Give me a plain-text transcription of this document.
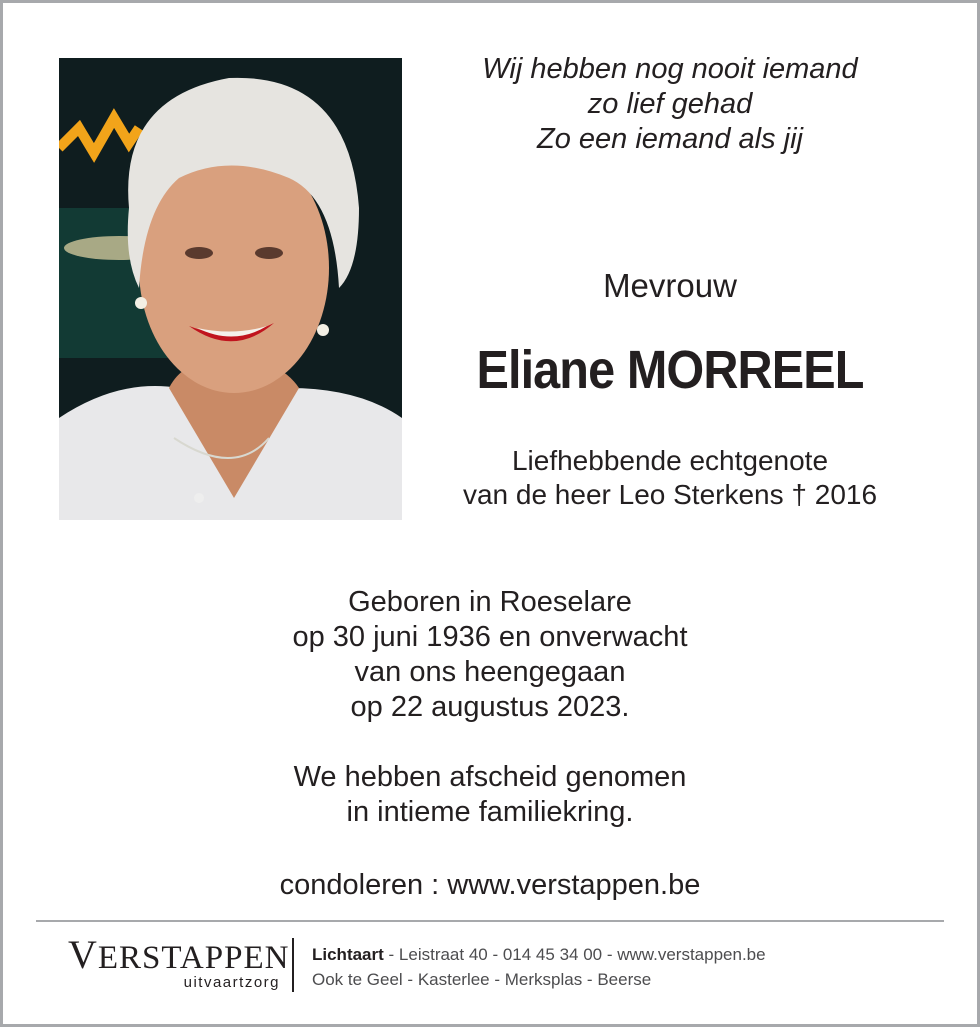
Wij hebben nog nooit iemand
zo lief gehad
Zo een iemand als jij
Mevrouw
Eliane MORREEL
Liefhebbende echtgenote
van de heer Leo Sterkens † 2016
Geboren in Roeselare
op 30 juni 1936 en onverwacht
van ons heengegaan
op 22 augustus 2023.
We hebben afscheid genomen
in intieme familiekring.
condoleren : www.verstappen.be
VERSTAPPEN
uitvaartzorg
Lichtaart - Leistraat 40 - 014 45 34 00 - www.verstappen.be
Ook te Geel - Kasterlee - Merksplas - Beerse
